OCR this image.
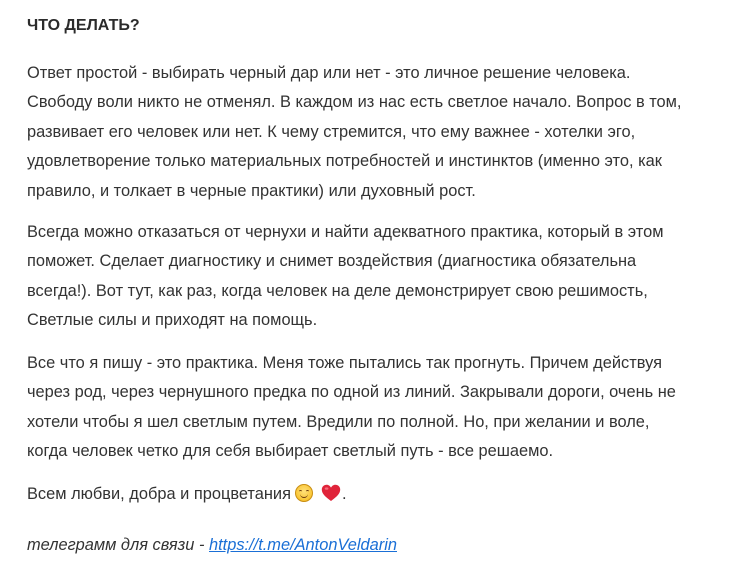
ЧТО ДЕЛАТЬ?

Ответ простой - выбирать черный дар или нет - это личное решение человека.
Свободу воли никто не отменял. В каждом из нас есть светлое начало. Вопрос в том,
развивает его человек или нет. К чему стремится, что ему важнее - хотелки эго,
удовлетворение только материальных потребностей и инстинктов (именно это, как
правило, и толкает в черные практики) или духовный рост.

Всегда можно отказаться от чернухи и найти адекватного практика, который в этом
поможет. Сделает диагностику и снимет воздействия (диагностика обязательна
всегда!). Вот тут, как раз, когда человек на деле демонстрирует свою решимость,
Светлые силы и приходят на помощь.

Все что я пишу - это практика. Меня тоже пытались так прогнуть. Причем действуя
через род, через чернушного предка по одной из линий. Закрывали дороги, очень не
хотели чтобы я шел светлым путем. Вредили по полной. Но, при желании и воле,
когда человек четко для себя выбирает светлый путь - все решаемо.

Всем любви, добра и процветания	.

телеграмм для связи - https://t.me/AntonVeldarin
